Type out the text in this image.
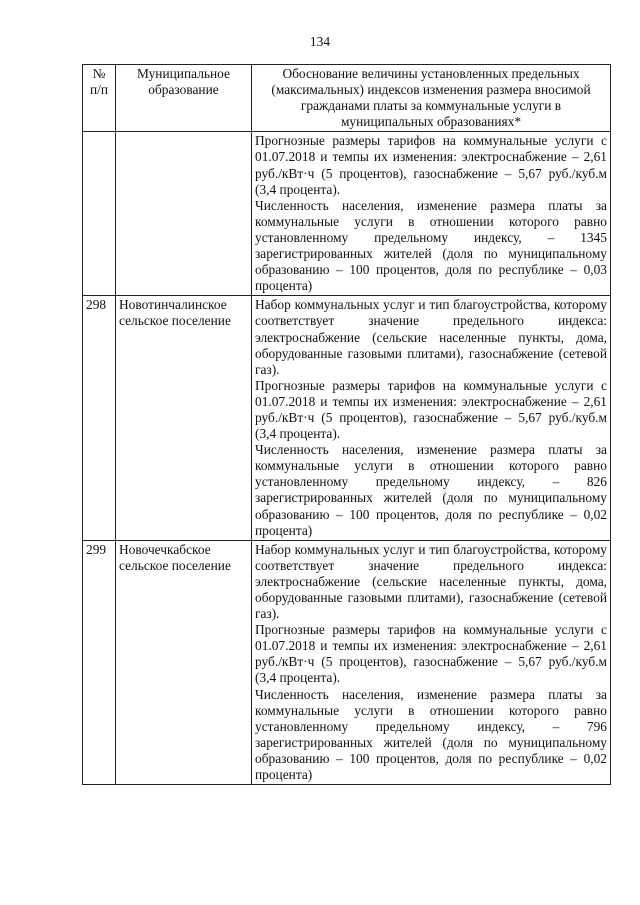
134
№ п/п	Муниципальное образование	Обоснование величины установленных предельных (максимальных) индексов изменения размера вносимой гражданами платы за коммунальные услуги в муниципальных образованиях*

		Прогнозные размеры тарифов на коммунальные услуги с 01.07.2018 и темпы их изменения: электроснабжение – 2,61 руб./кВт·ч (5 процентов), газоснабжение – 5,67 руб./куб.м (3,4 процента).

Численность населения, изменение размера платы за коммунальные услуги в отношении которого равно установленному предельному индексу, – 1345 зарегистрированных жителей (доля по муниципальному образованию – 100 процентов, доля по республике – 0,03 процента)

298	Новотинчалинское сельское поселение	Набор коммунальных услуг и тип благоустройства, которому соответствует значение предельного индекса: электроснабжение (сельские населенные пункты, дома, оборудованные газовыми плитами), газоснабжение (сетевой газ).

Прогнозные размеры тарифов на коммунальные услуги с 01.07.2018 и темпы их изменения: электроснабжение – 2,61 руб./кВт·ч (5 процентов), газоснабжение – 5,67 руб./куб.м (3,4 процента).

Численность населения, изменение размера платы за коммунальные услуги в отношении которого равно установленному предельному индексу, – 826 зарегистрированных жителей (доля по муниципальному образованию – 100 процентов, доля по республике – 0,02 процента)

299	Новочечкабское сельское поселение	Набор коммунальных услуг и тип благоустройства, которому соответствует значение предельного индекса: электроснабжение (сельские населенные пункты, дома, оборудованные газовыми плитами), газоснабжение (сетевой газ).

Прогнозные размеры тарифов на коммунальные услуги с 01.07.2018 и темпы их изменения: электроснабжение – 2,61 руб./кВт·ч (5 процентов), газоснабжение – 5,67 руб./куб.м (3,4 процента).

Численность населения, изменение размера платы за коммунальные услуги в отношении которого равно установленному предельному индексу, – 796 зарегистрированных жителей (доля по муниципальному образованию – 100 процентов, доля по республике – 0,02 процента)
